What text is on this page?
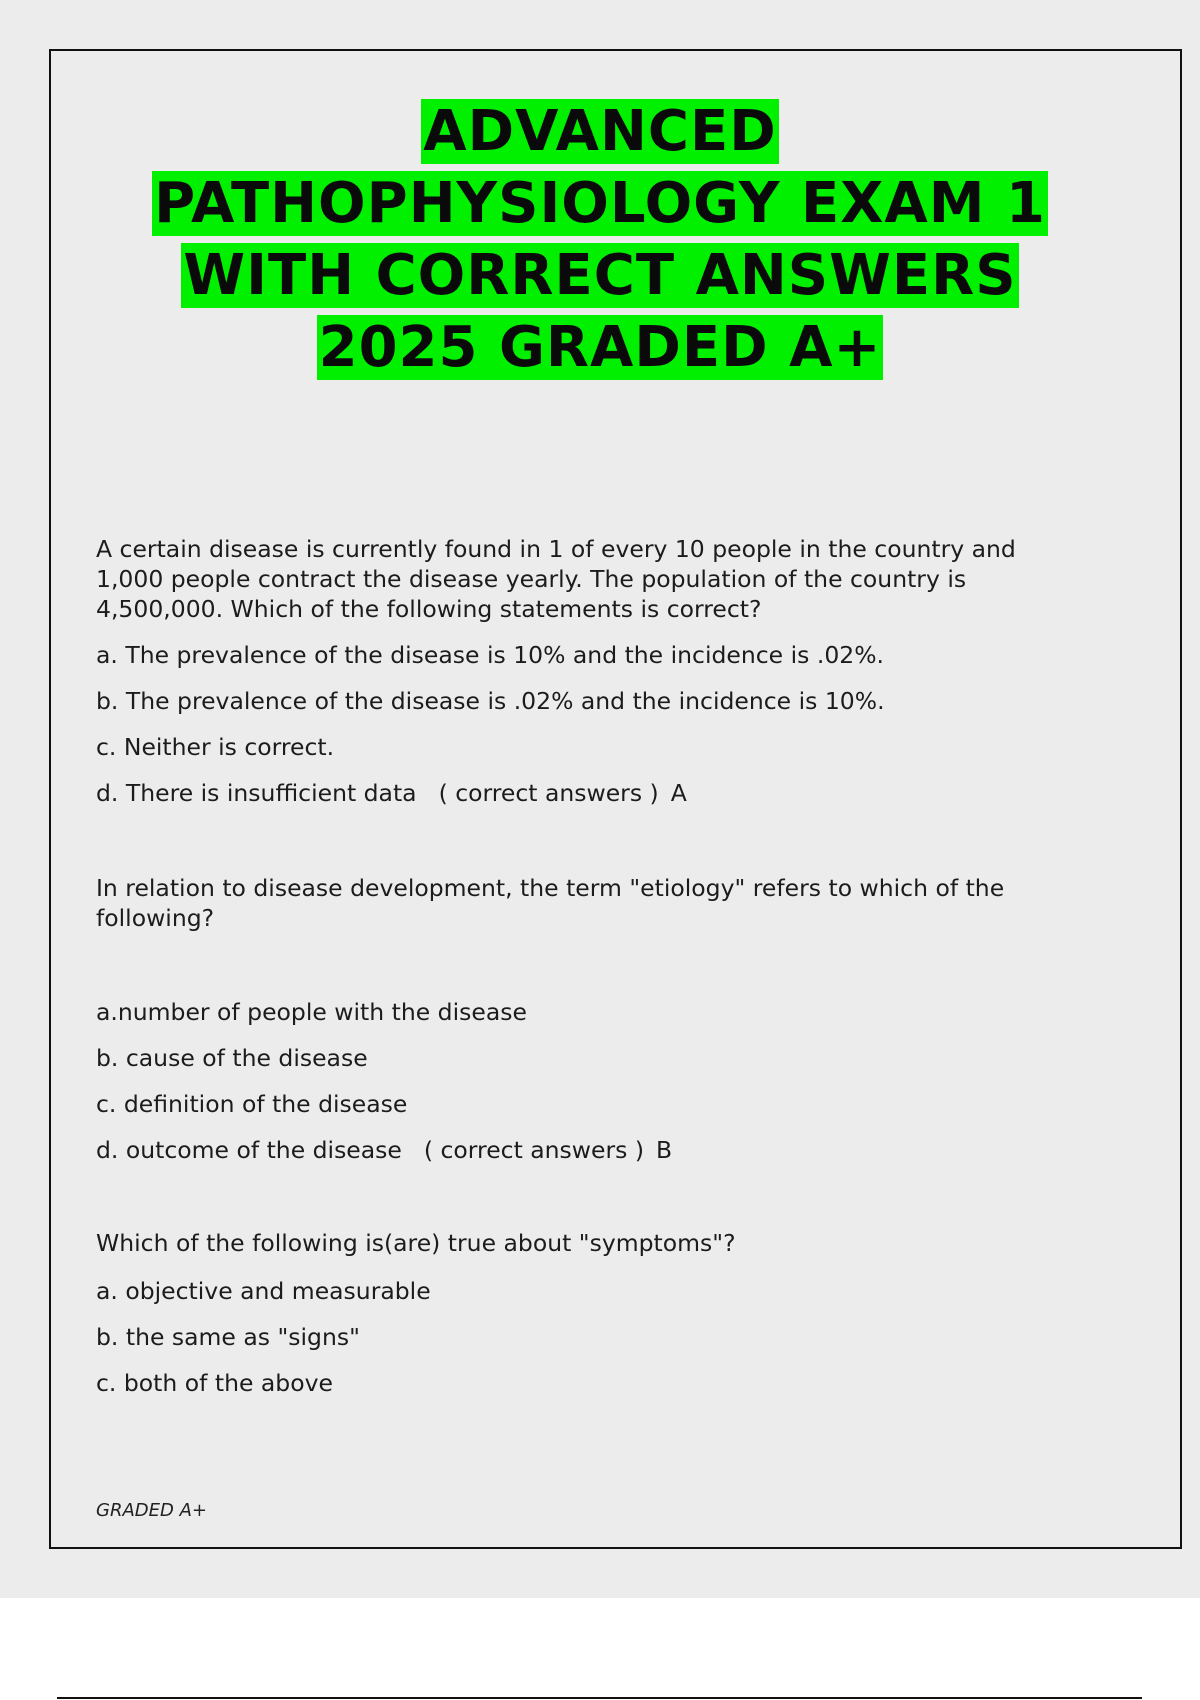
ADVANCED
PATHOPHYSIOLOGY EXAM 1
WITH CORRECT ANSWERS
2025 GRADED A+

A certain disease is currently found in 1 of every 10 people in the country and 1,000 people contract the disease yearly. The population of the country is 4,500,000. Which of the following statements is correct?

a. The prevalence of the disease is 10% and the incidence is .02%.

b. The prevalence of the disease is .02% and the incidence is 10%.

c. Neither is correct.

d. There is insufficient data ( correct answers ) A

In relation to disease development, the term "etiology" refers to which of the following?

a.number of people with the disease

b. cause of the disease

c. definition of the disease

d. outcome of the disease ( correct answers ) B

Which of the following is(are) true about "symptoms"?

a. objective and measurable

b. the same as "signs"

c. both of the above

GRADED A+
